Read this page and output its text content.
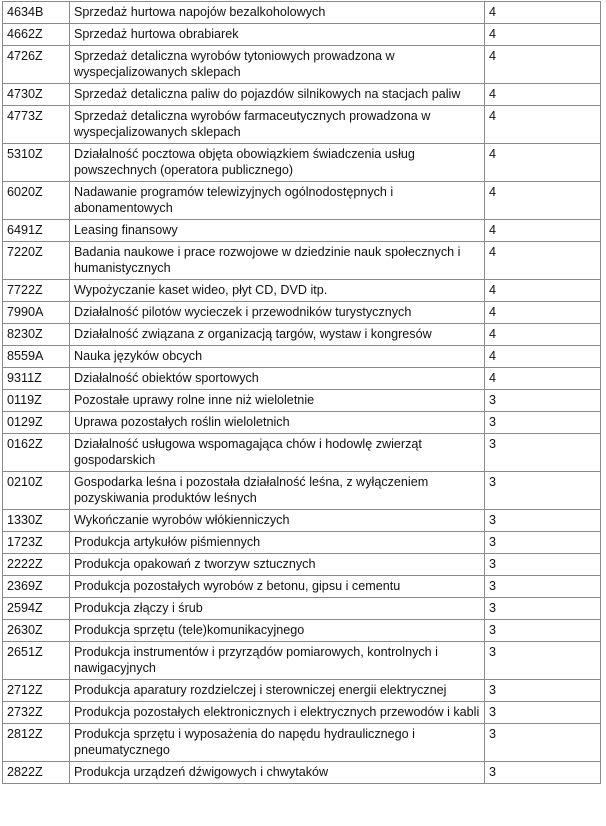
4634B	Sprzedaż hurtowa napojów bezalkoholowych	4
4662Z	Sprzedaż hurtowa obrabiarek	4
4726Z	Sprzedaż detaliczna wyrobów tytoniowych prowadzona w wyspecjalizowanych sklepach	4
4730Z	Sprzedaż detaliczna paliw do pojazdów silnikowych na stacjach paliw	4
4773Z	Sprzedaż detaliczna wyrobów farmaceutycznych prowadzona w wyspecjalizowanych sklepach	4
5310Z	Działalność pocztowa objęta obowiązkiem świadczenia usług powszechnych (operatora publicznego)	4
6020Z	Nadawanie programów telewizyjnych ogólnodostępnych i abonamentowych	4
6491Z	Leasing finansowy	4
7220Z	Badania naukowe i prace rozwojowe w dziedzinie nauk społecznych i humanistycznych	4
7722Z	Wypożyczanie kaset wideo, płyt CD, DVD itp.	4
7990A	Działalność pilotów wycieczek i przewodników turystycznych	4
8230Z	Działalność związana z organizacją targów, wystaw i kongresów	4
8559A	Nauka języków obcych	4
9311Z	Działalność obiektów sportowych	4
0119Z	Pozostałe uprawy rolne inne niż wieloletnie	3
0129Z	Uprawa pozostałych roślin wieloletnich	3
0162Z	Działalność usługowa wspomagająca chów i hodowlę zwierząt gospodarskich	3
0210Z	Gospodarka leśna i pozostała działalność leśna, z wyłączeniem pozyskiwania produktów leśnych	3
1330Z	Wykończanie wyrobów włókienniczych	3
1723Z	Produkcja artykułów piśmiennych	3
2222Z	Produkcja opakowań z tworzyw sztucznych	3
2369Z	Produkcja pozostałych wyrobów z betonu, gipsu i cementu	3
2594Z	Produkcja złączy i śrub	3
2630Z	Produkcja sprzętu (tele)komunikacyjnego	3
2651Z	Produkcja instrumentów i przyrządów pomiarowych, kontrolnych i nawigacyjnych	3
2712Z	Produkcja aparatury rozdzielczej i sterowniczej energii elektrycznej	3
2732Z	Produkcja pozostałych elektronicznych i elektrycznych przewodów i kabli	3
2812Z	Produkcja sprzętu i wyposażenia do napędu hydraulicznego i pneumatycznego	3
2822Z	Produkcja urządzeń dźwigowych i chwytaków	3
